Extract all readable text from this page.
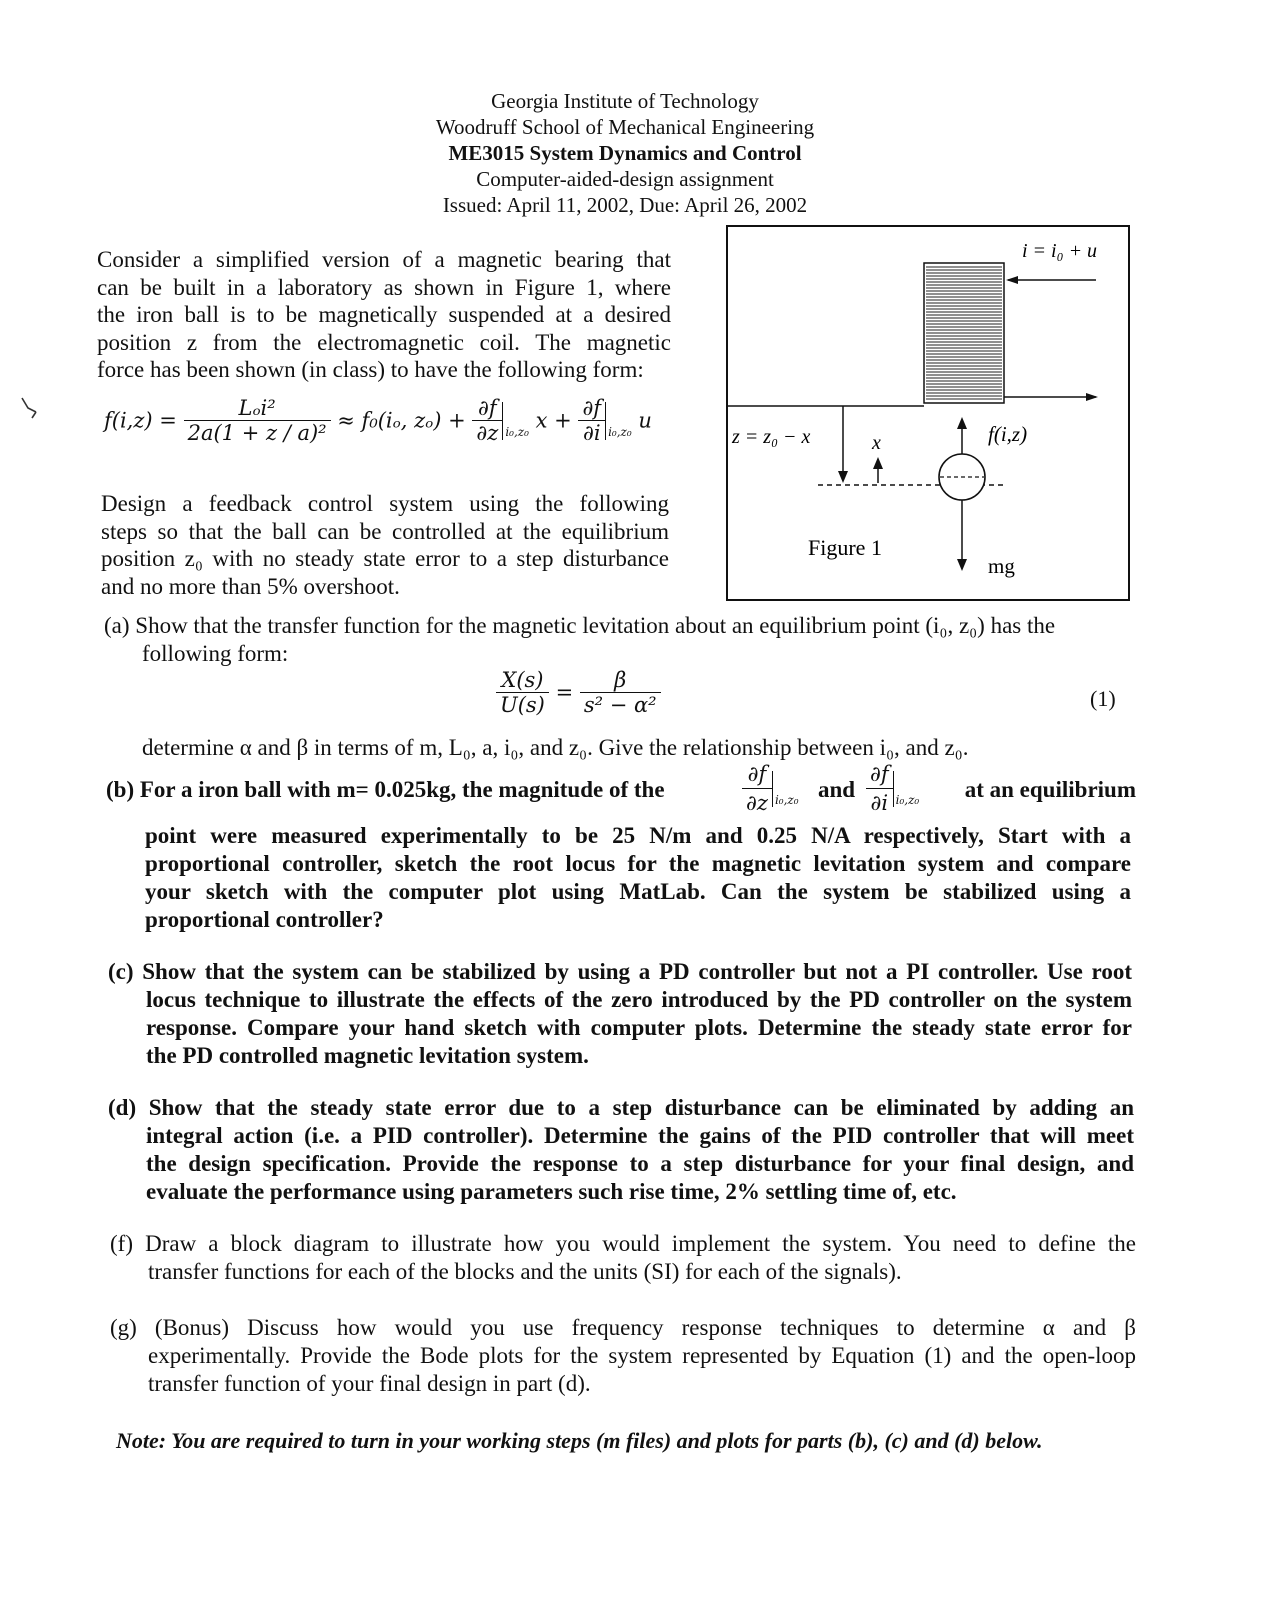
Georgia Institute of Technology
Woodruff School of Mechanical Engineering
ME3015 System Dynamics and Control
Computer-aided-design assignment
Issued: April 11, 2002, Due: April 26, 2002
Consider a simplified version of a magnetic bearing that
can be built in a laboratory as shown in Figure 1, where
the iron ball is to be magnetically suspended at a desired
position z from the electromagnetic coil. The magnetic
force has been shown (in class) to have the following form:
f(i,z) =
Lₒi²
2a(1 + z / a)²
≈ f₀(iₒ, $z_o) + \frac{\partial f}{\partial z} _{i_0,z_0}$ $x + \frac{\partial f}{\partial i} _{i_0,z_0}$ u
Design a feedback control system using the following
steps so that the ball can be controlled at the equilibrium
position z₀ with no steady state error to a step disturbance
and no more than 5% overshoot.
i = i₀ + u
z = z₀ − x	x	f(i,z)
mg
Figure 1
(a) Show that the transfer function for the magnetic levitation about an equilibrium point (i₀, z₀) has the
following form:
$\frac{X(s)}{U(s)} = \frac{\beta}{\text{s² − α²}}$	(1)
determine α and β in terms of m, L₀, a, i₀, and z₀. Give the relationship between i₀, and z₀.
(b) For a iron ball with m= 0.025kg, the magnitude of the	$\frac{\partial f}{\partial z} _{i_0,z_0}$ and $\frac{\partial f}{\partial i} _{i_0,z_0}$ at an equilibrium
point were measured experimentally to be 25 N/m and 0.25 N/A respectively, Start with a
proportional controller, sketch the root locus for the magnetic levitation system and compare
your sketch with the computer plot using MatLab. Can the system be stabilized using a
proportional controller?
(c) Show that the system can be stabilized by using a PD controller but not a PI controller. Use root
locus technique to illustrate the effects of the zero introduced by the PD controller on the system
response. Compare your hand sketch with computer plots. Determine the steady state error for
the PD controlled magnetic levitation system.
(d) Show that the steady state error due to a step disturbance can be eliminated by adding an
integral action (i.e. a PID controller). Determine the gains of the PID controller that will meet
the design specification. Provide the response to a step disturbance for your final design, and
evaluate the performance using parameters such rise time, 2% settling time of, etc.
(f) Draw a block diagram to illustrate how you would implement the system. You need to define the
transfer functions for each of the blocks and the units (SI) for each of the signals).
(g) (Bonus) Discuss how would you use frequency response techniques to determine α and β
experimentally. Provide the Bode plots for the system represented by Equation (1) and the open-loop
transfer function of your final design in part (d).
Note: You are required to turn in your working steps (m files) and plots for parts (b), (c) and (d) below.
